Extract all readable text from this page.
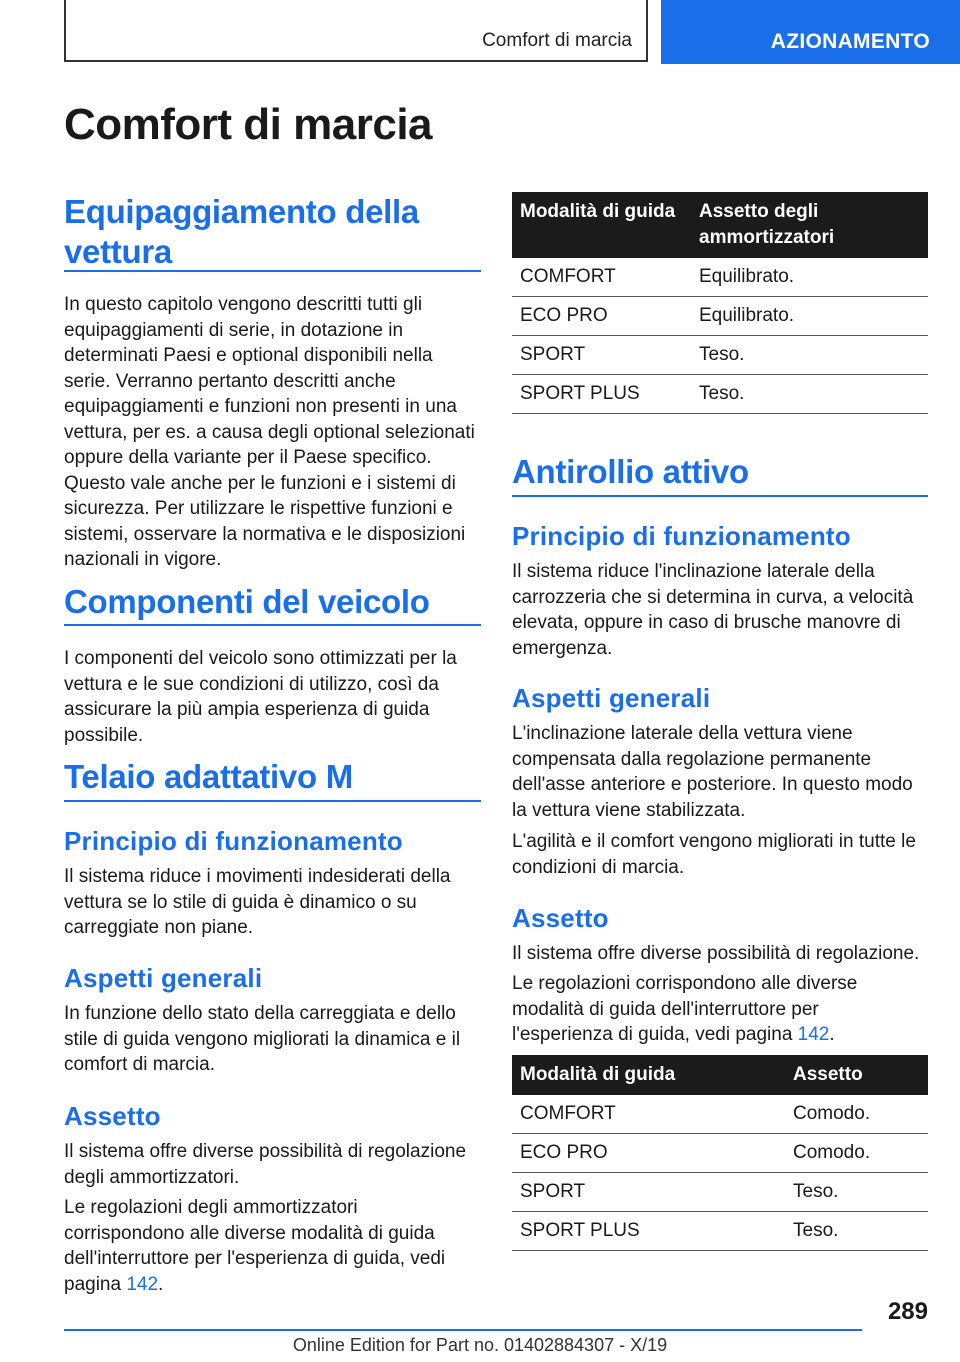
Comfort di marcia	AZIONAMENTO
Comfort di marcia
Equipaggiamento della vettura

In questo capitolo vengono descritti tutti gli equipaggiamenti di serie, in dotazione in determinati Paesi e optional disponibili nella serie. Verranno pertanto descritti anche equipaggiamenti e funzioni non presenti in una vettura, per es. a causa degli optional selezionati oppure della variante per il Paese specifico. Questo vale anche per le funzioni e i sistemi di sicurezza. Per utilizzare le rispettive funzioni e sistemi, osservare la normativa e le disposizioni nazionali in vigore.

Componenti del veicolo

I componenti del veicolo sono ottimizzati per la vettura e le sue condizioni di utilizzo, così da assicurare la più ampia esperienza di guida possibile.

Telaio adattativo M
Principio di funzionamento

Il sistema riduce i movimenti indesiderati della vettura se lo stile di guida è dinamico o su carreggiate non piane.

Aspetti generali

In funzione dello stato della carreggiata e dello stile di guida vengono migliorati la dinamica e il comfort di marcia.

Assetto

Il sistema offre diverse possibilità di regolazione degli ammortizzatori.

Le regolazioni degli ammortizzatori corrispondono alle diverse modalità di guida dell'interruttore per l'esperienza di guida, vedi pagina 142.

Modalità di guida	Assetto degli ammortizzatori
COMFORT	Equilibrato.
ECO PRO	Equilibrato.
SPORT	Teso.
SPORT PLUS	Teso.
Antirollio attivo
Principio di funzionamento

Il sistema riduce l'inclinazione laterale della carrozzeria che si determina in curva, a velocità elevata, oppure in caso di brusche manovre di emergenza.

Aspetti generali

L'inclinazione laterale della vettura viene compensata dalla regolazione permanente dell'asse anteriore e posteriore. In questo modo la vettura viene stabilizzata.

L'agilità e il comfort vengono migliorati in tutte le condizioni di marcia.

Assetto

Il sistema offre diverse possibilità di regolazione.

Le regolazioni corrispondono alle diverse modalità di guida dell'interruttore per l'esperienza di guida, vedi pagina 142.

Modalità di guida	Assetto
COMFORT	Comodo.
ECO PRO	Comodo.
SPORT	Teso.
SPORT PLUS	Teso.
289
Online Edition for Part no. 01402884307 - X/19
